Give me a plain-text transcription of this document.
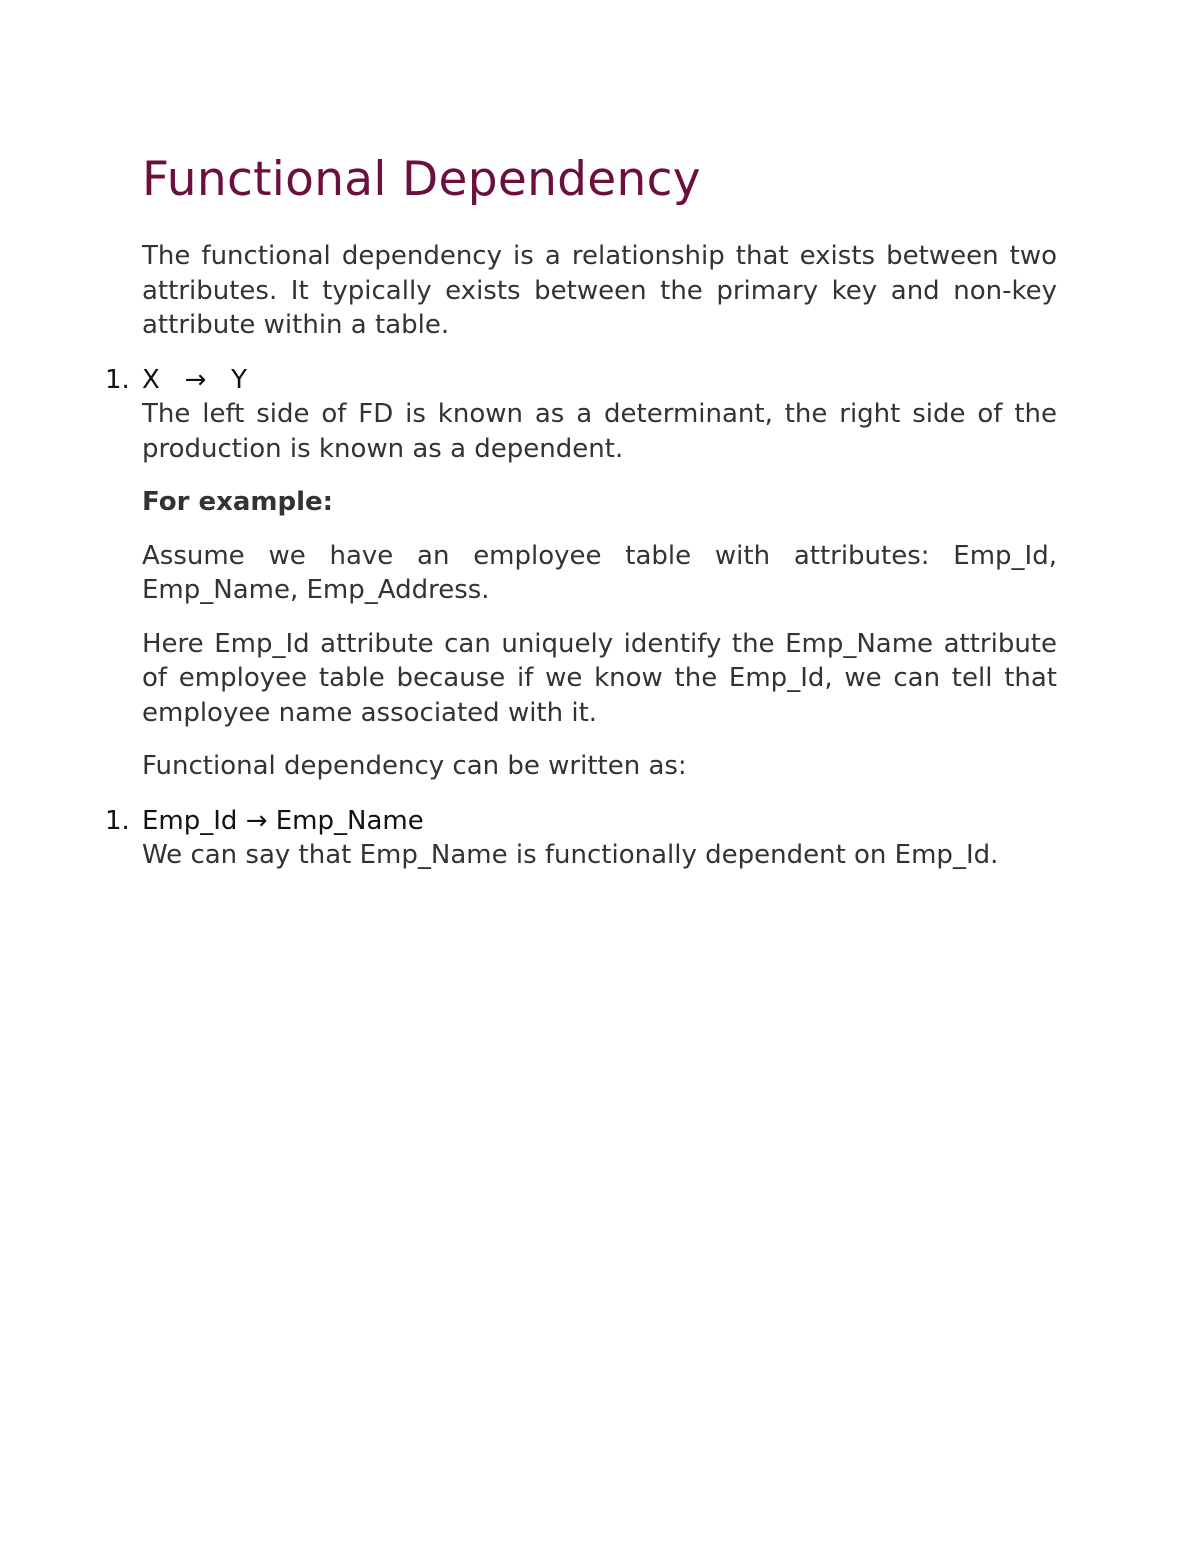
Functional Dependency

The functional dependency is a relationship that exists between two attributes. It typically exists between the primary key and non-key attribute within a table.

1. X   →   Y

The left side of FD is known as a determinant, the right side of the production is known as a dependent.

For example:

Assume we have an employee table with attributes: Emp_Id, Emp_Name, Emp_Address.

Here Emp_Id attribute can uniquely identify the Emp_Name attribute of employee table because if we know the Emp_Id, we can tell that employee name associated with it.

Functional dependency can be written as:

1. Emp_Id → Emp_Name

We can say that Emp_Name is functionally dependent on Emp_Id.
